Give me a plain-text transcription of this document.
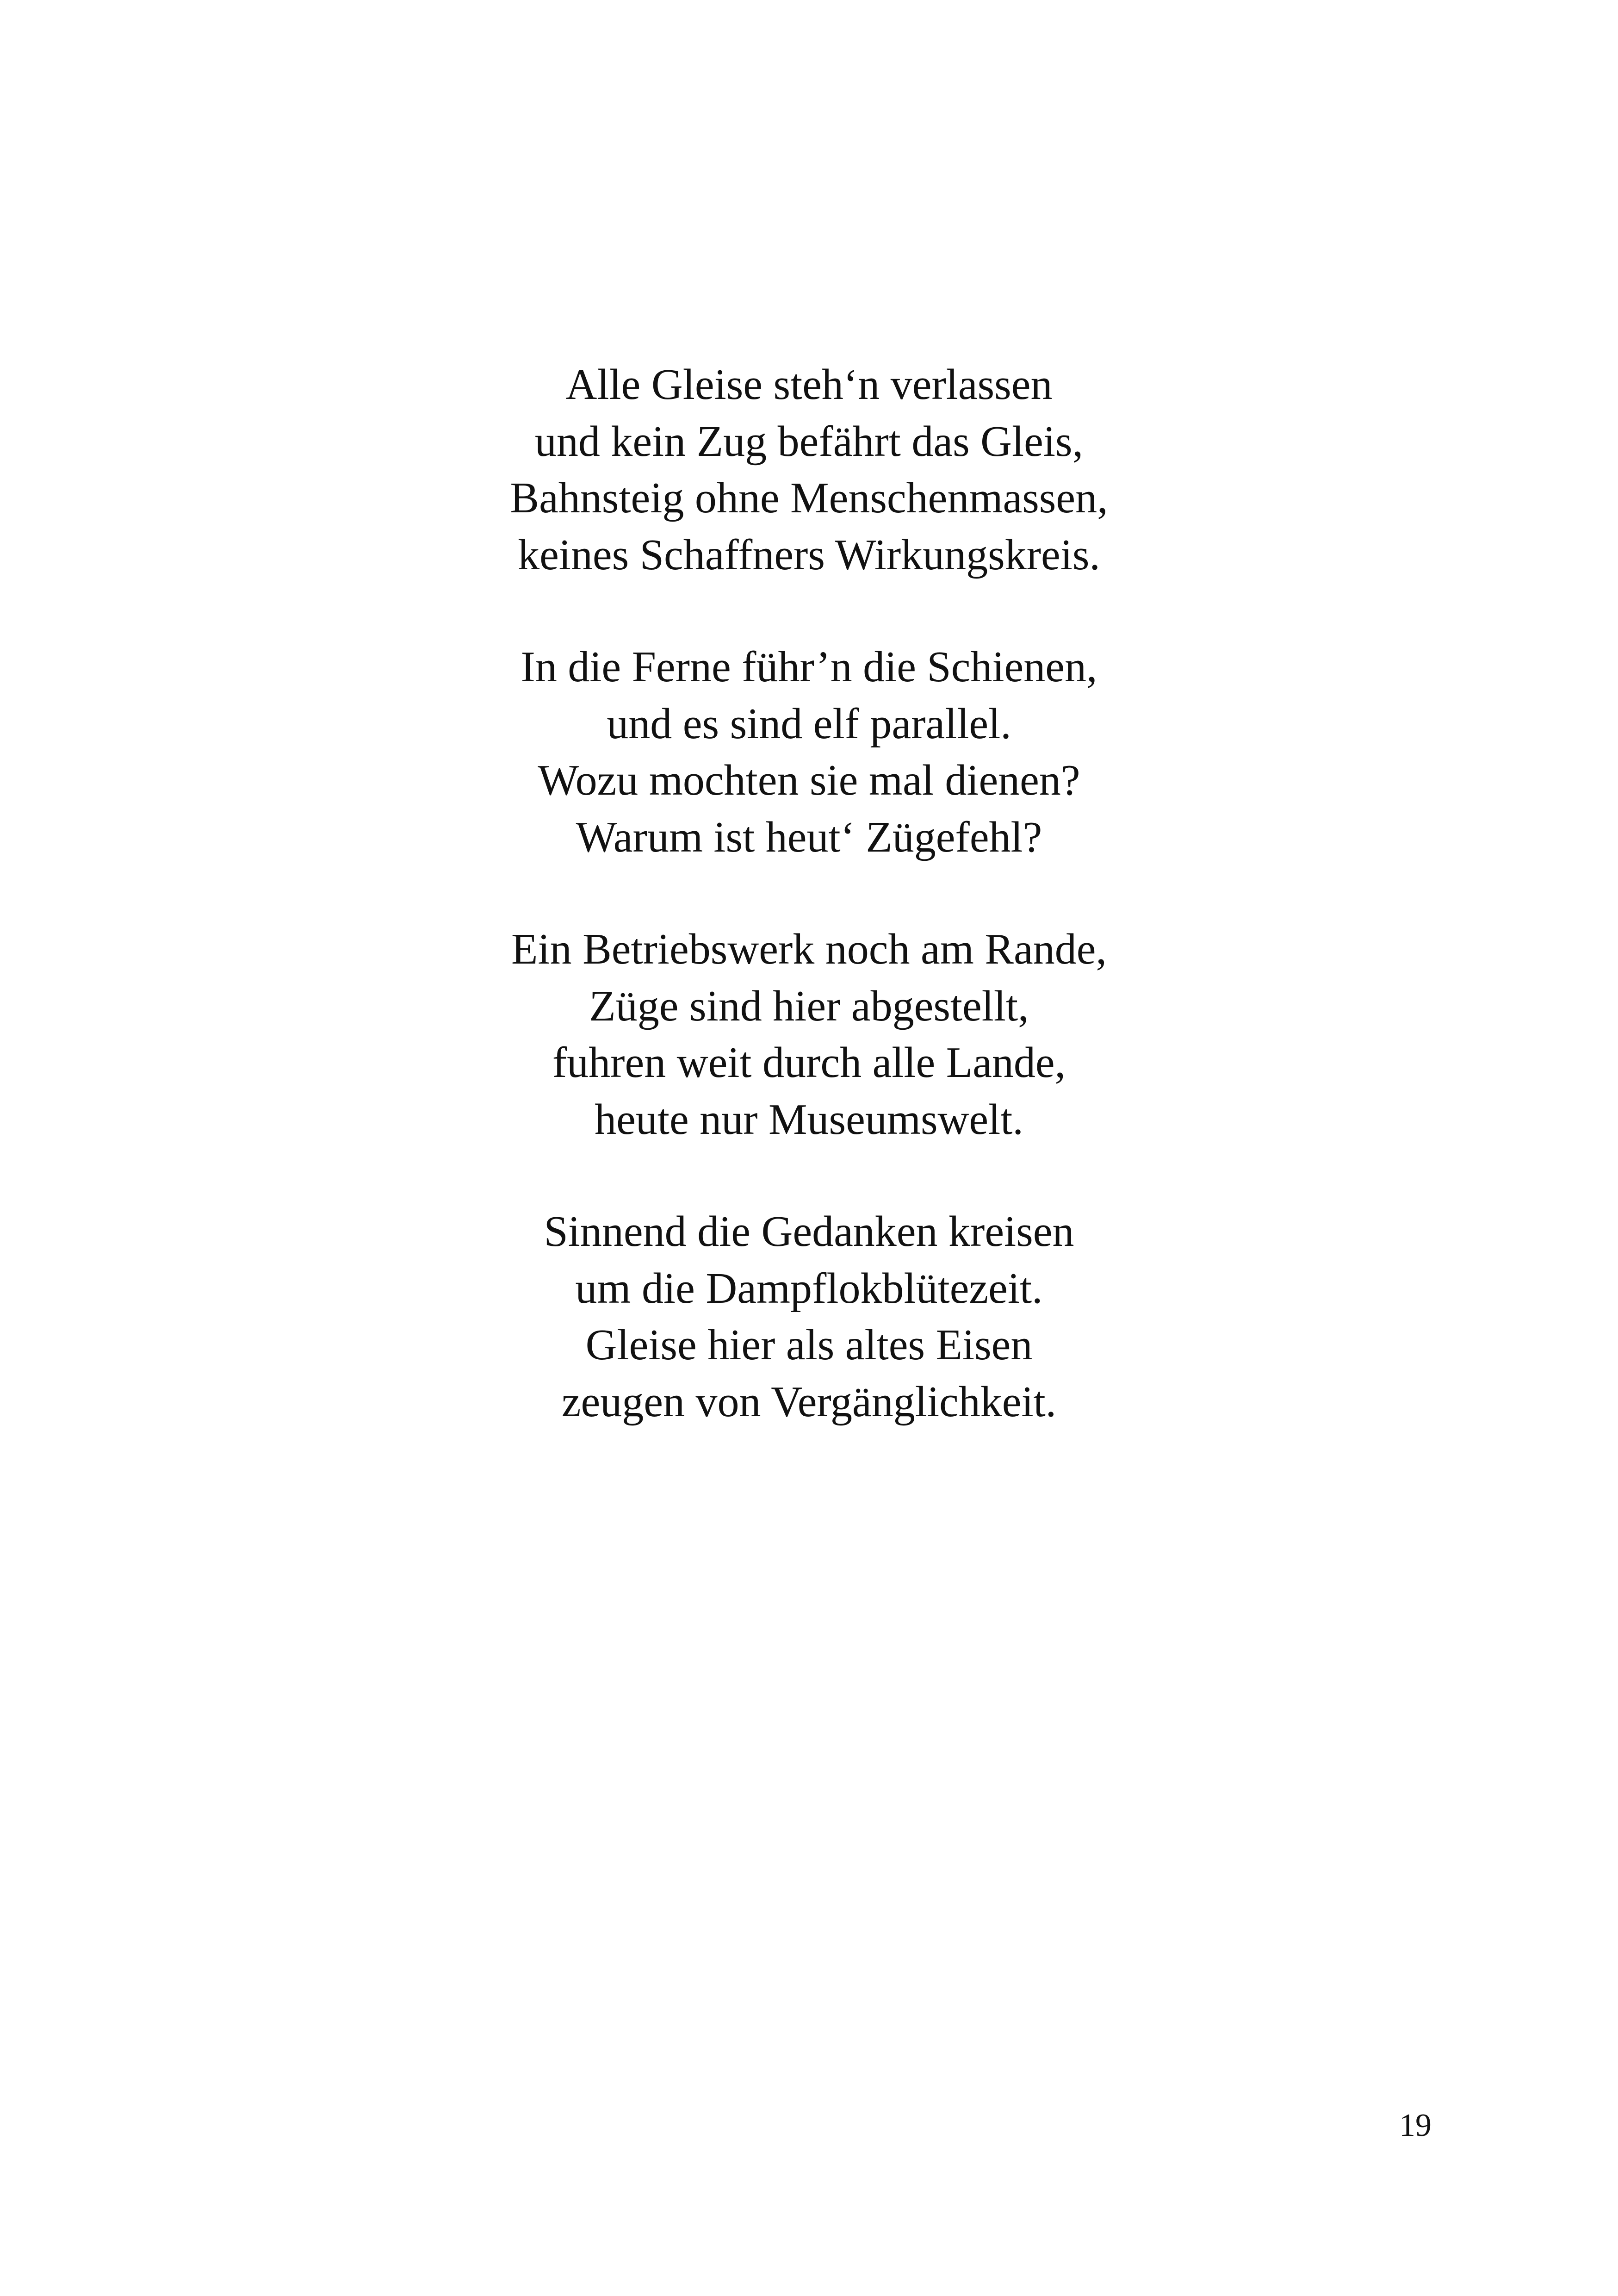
Alle Gleise steh‘n verlassen
und kein Zug befährt das Gleis,
Bahnsteig ohne Menschenmassen,
keines Schaffners Wirkungskreis.

In die Ferne führ’n die Schienen,
und es sind elf parallel.
Wozu mochten sie mal dienen?
Warum ist heut‘ Zügefehl?

Ein Betriebswerk noch am Rande,
Züge sind hier abgestellt,
fuhren weit durch alle Lande,
heute nur Museumswelt.

Sinnend die Gedanken kreisen
um die Dampflokblütezeit.
Gleise hier als altes Eisen
zeugen von Vergänglichkeit.

19
